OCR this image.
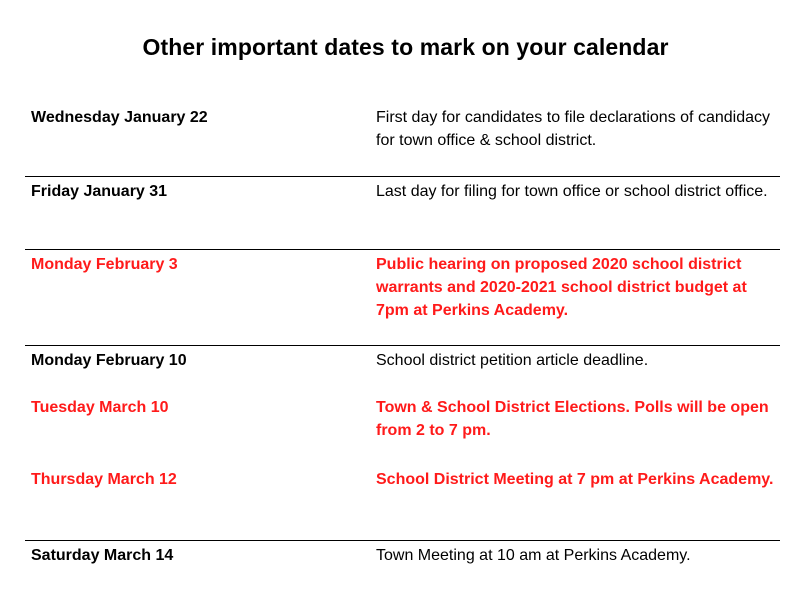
Other important dates to mark on your calendar
Wednesday January 22	First day for candidates to file declarations of candidacy for town office & school district.
Friday January 31	Last day for filing for town office or school district office.
Monday February 3	Public hearing on proposed 2020 school district warrants and 2020-2021 school district budget at 7pm at Perkins Academy.
Monday February 10	School district petition article deadline.
Tuesday March 10	Town & School District Elections. Polls will be open from 2 to 7 pm.
Thursday March 12	School District Meeting at 7 pm at Perkins Academy.
Saturday March 14	Town Meeting at 10 am at Perkins Academy.
